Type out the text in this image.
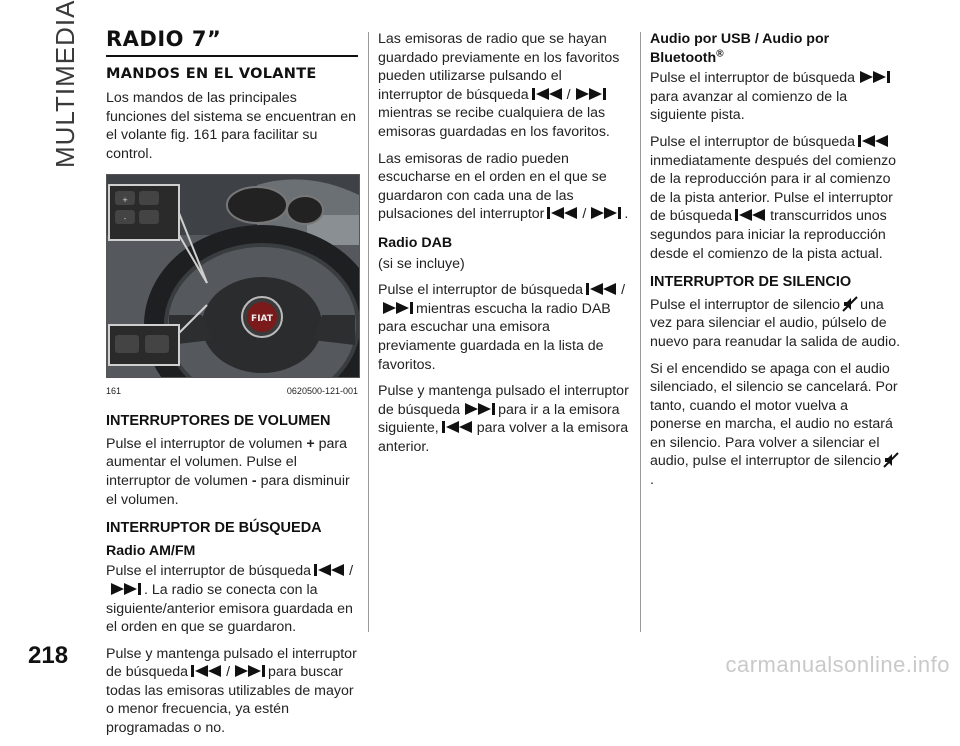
MULTIMEDIA RADIO 7”
MANDOS EN EL VOLANTE

Los mandos de las principales funciones del sistema se encuentran en el volante fig. 161 para facilitar su control.

FIAT
+
-
161	0620500-121-001
INTERRUPTORES DE VOLUMEN

Pulse el interruptor de volumen + para aumentar el volumen. Pulse el interruptor de volumen - para disminuir el volumen.

INTERRUPTOR DE BÚSQUEDA
Radio AM/FM

Pulse el interruptor de búsqueda	/
. La radio se conecta con la siguiente/anterior emisora guardada en el orden en que se guardaron.

Pulse y mantenga pulsado el interruptor de búsqueda	/	para buscar todas las emisoras utilizables de mayor o menor frecuencia, ya estén programadas o no.

Las emisoras de radio que se hayan guardado previamente en los favoritos pueden utilizarse pulsando el interruptor de búsqueda	/
mientras se recibe cualquiera de las emisoras guardadas en los favoritos.

Las emisoras de radio pueden escucharse en el orden en el que se guardaron con cada una de las pulsaciones del interruptor	/	.

Radio DAB

(si se incluye)

Pulse el interruptor de búsqueda	/
mientras escucha la radio DAB para escuchar una emisora previamente guardada en la lista de favoritos.

Pulse y mantenga pulsado el interruptor de búsqueda	para ir a la emisora siguiente,	para volver a la emisora anterior.

Audio por USB / Audio por Bluetooth®

Pulse el interruptor de búsqueda
para avanzar al comienzo de la siguiente pista.

Pulse el interruptor de búsqueda
inmediatamente después del comienzo de la reproducción para ir al comienzo de la pista anterior. Pulse el interruptor de búsqueda	transcurridos unos segundos para iniciar la reproducción desde el comienzo de la pista actual.

INTERRUPTOR DE SILENCIO

Pulse el interruptor de silencio una vez para silenciar el audio, púlselo de nuevo para reanudar la salida de audio.

Si el encendido se apaga con el audio silenciado, el silencio se cancelará. Por tanto, cuando el motor vuelva a ponerse en marcha, el audio no estará en silencio. Para volver a silenciar el audio, pulse el interruptor de silencio
.

218	carmanualsonline.info
